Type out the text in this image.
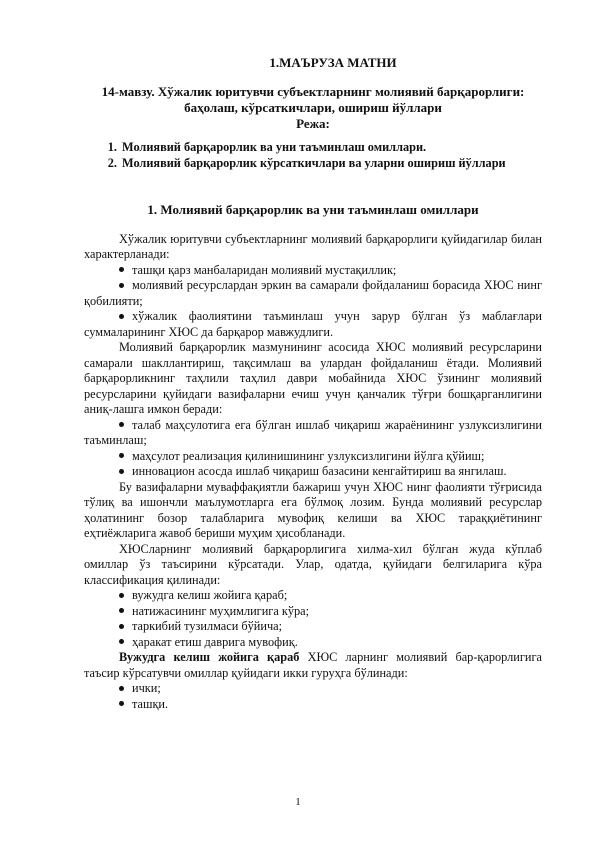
1.МАЪРУЗА МАТНИ
14-мавзу. Хўжалик юритувчи субъектларнинг молиявий барқарорлиги:
баҳолаш, кўрсаткичлари, ошириш йўллари
Режа:
1. Молиявий барқарорлик ва уни таъминлаш омиллари.
2. Молиявий барқарорлик кўрсаткичлари ва уларни ошириш йўллари
1. Молиявий барқарорлик ва уни таъминлаш омиллари

Хўжалик юритувчи субъектларнинг молиявий барқарорлиги қуйидагилар билан характерланади:

ташқи қарз манбаларидан молиявий мустақиллик;

молиявий ресурслардан эркин ва самарали фойдаланиш борасида ХЮС нинг қобилияти;

хўжалик фаолиятини таъминлаш учун зарур бўлган ўз маблағлари суммаларининг ХЮС да барқарор мавжудлиги.

Молиявий барқарорлик мазмунининг асосида ХЮС молиявий ресурсларини самарали шакллантириш, тақсимлаш ва улардан фойдаланиш ётади. Молиявий барқарорликнинг таҳлили таҳлил даври мобайнида ХЮС ўзининг молиявий ресурсларини қуйидаги вазифаларни ечиш учун қанчалик тўғри бошқарганлигини аниқ-лашга имкон беради:

талаб маҳсулотига ега бўлган ишлаб чиқариш жараёнининг узлуксизлигини таъминлаш;

маҳсулот реализация қилинишининг узлуксизлигини йўлга қўйиш;

инновацион асосда ишлаб чиқариш базасини кенгайтириш ва янгилаш.

Бу вазифаларни муваффақиятли бажариш учун ХЮС нинг фаолияти тўғрисида тўлиқ ва ишончли маълумотларга ега бўлмоқ лозим. Бунда молиявий ресурслар ҳолатининг бозор талабларига мувофиқ келиши ва ХЮС тараққиётининг еҳтиёжларига жавоб бериши муҳим ҳисобланади.

ХЮСларнинг молиявий барқарорлигига хилма-хил бўлган жуда кўплаб омиллар ўз таъсирини кўрсатади. Улар, одатда, қуйидаги белгиларига кўра классификация қилинади:

вужудга келиш жойига қараб;

натижасининг муҳимлигига кўра;

таркибий тузилмаси бўйича;

ҳаракат етиш даврига мувофиқ.

Вужудга келиш жойига қараб ХЮС ларнинг молиявий бар-қарорлигига таъсир кўрсатувчи омиллар қуйидаги икки гуруҳга бўлинади:

ички;

ташқи.

1
